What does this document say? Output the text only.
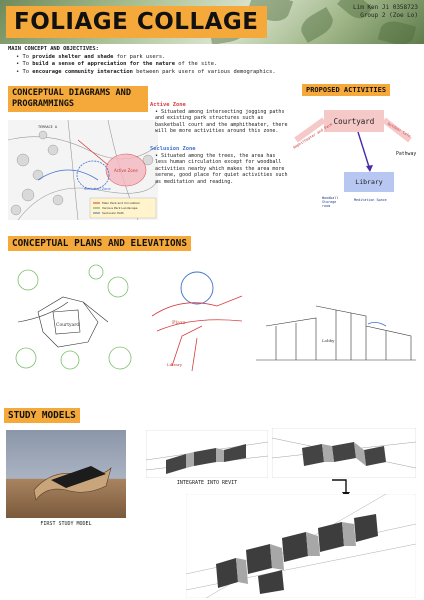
FOLIAGE COLLAGE
Lim Ken Ji 0358723
Group 2 (Zoe Lo)
MAIN CONCEPT AND OBJECTIVES:
• To provide shelter and shade for park users.
• To build a sense of appreciation for the nature of the site.
• To encourage community interaction between park users of various demographics.
CONCEPTUAL DIAGRAMS AND PROGRAMMINGS
TERRACE A
Active Zone
Seclusion Zone
Main Park and Circulation
Various Park Landscape
Seclusion Path
Active Zone
• Situated among intersecting jogging paths and existing park structures such as basketball court and the amphitheater, there will be more activities around this zone.
Seclusion Zone
• Situated among the trees, the area has less human circulation except for woodball activities nearby which makes the area more serene, good place for quiet activities such as meditation and reading.
PROPOSED ACTIVITIES
Courtyard
Amphitheater and Farm	Outdoor Cafe
Pathway
Library
Woodball Storage room
Meditation Space
CONCEPTUAL PLANS AND ELEVATIONS
Courtyard	Plaza
Library
Lobby
STUDY MODELS
FIRST STUDY MODEL
INTEGRATE INTO REVIT
